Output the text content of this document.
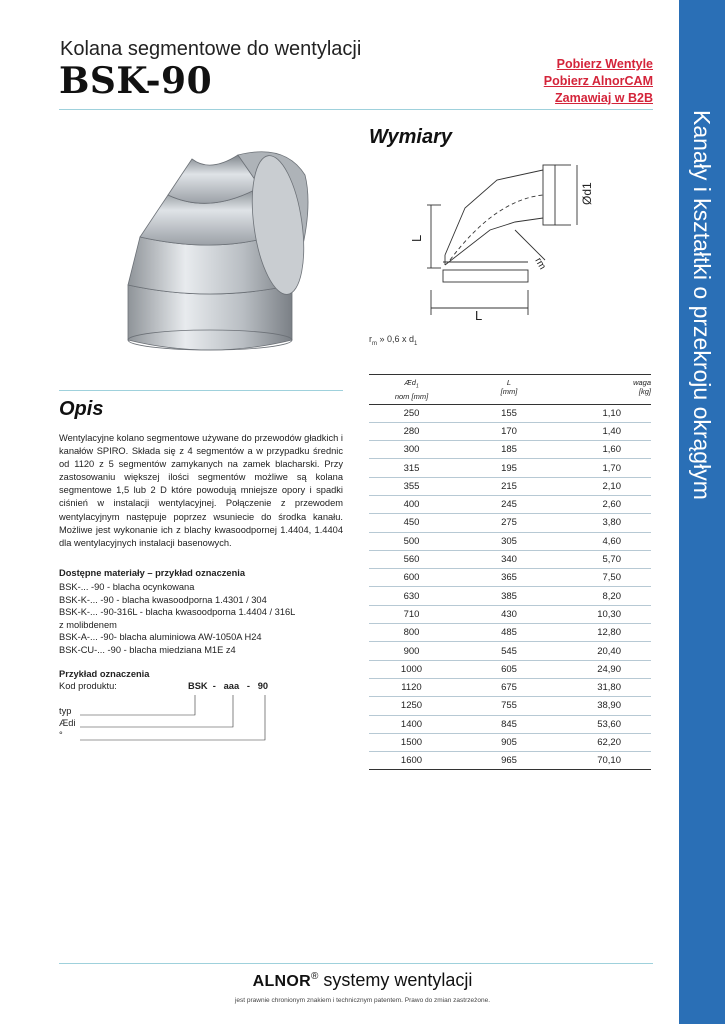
Kanały i kształtki o przekroju okrągłym
Kolana segmentowe do wentylacji
BSK-90	Pobierz Wentyle
Pobierz AlnorCAM
Zamawiaj w B2B
Wymiary
L
L
Ød1
rm
$r_m$ » 0,6 x $d_1$
Opis
Wentylacyjne kolano segmentowe używane do przewodów gładkich i kanałów SPIRO. Składa się z 4 segmentów a w przypadku średnic od 1120 z 5 segmentów zamykanych na zamek blacharski. Przy zastosowaniu większej ilości segmentów możliwe są kolana segmentowe 1,5 lub 2 D które powodują mniejsze opory i spadki ciśnień w instalacji wentylacyjnej. Połączenie z przewodem wentylacyjnym następuje poprzez wsunieciе do środka kanału. Możliwe jest wykonanie ich z blachy kwasoodpornej 1.4404, 1.4404 dla wentylacyjnych instalacji basenowych.
Dostępne materiały – przykład oznaczenia
BSK-... -90 - blacha ocynkowana
BSK-K-... -90 - blacha kwasoodporna 1.4301 / 304
BSK-K-... -90-316L - blacha kwasoodporna 1.4404 / 316L
z molibdenem
BSK-A-... -90- blacha aluminiowa AW-1050A H24
BSK-CU-... -90 - blacha miedziana M1E z4
Przykład oznaczenia
Kod produktu:	BSK  -   aaa   -   90
typ
Ædi
°
$Æd_1$
nom [mm]	L
[mm]	waga
[kg]
250	155	1,10
280	170	1,40
300	185	1,60
315	195	1,70
355	215	2,10
400	245	2,60
450	275	3,80
500	305	4,60
560	340	5,70
600	365	7,50
630	385	8,20
710	430	10,30
800	485	12,80
900	545	20,40
1000	605	24,90
1120	675	31,80
1250	755	38,90
1400	845	53,60
1500	905	62,20
1600	965	70,10
ALNOR® systemy wentylacji
jest prawnie chronionym znakiem i technicznym patentem. Prawo do zmian zastrzeżone.
